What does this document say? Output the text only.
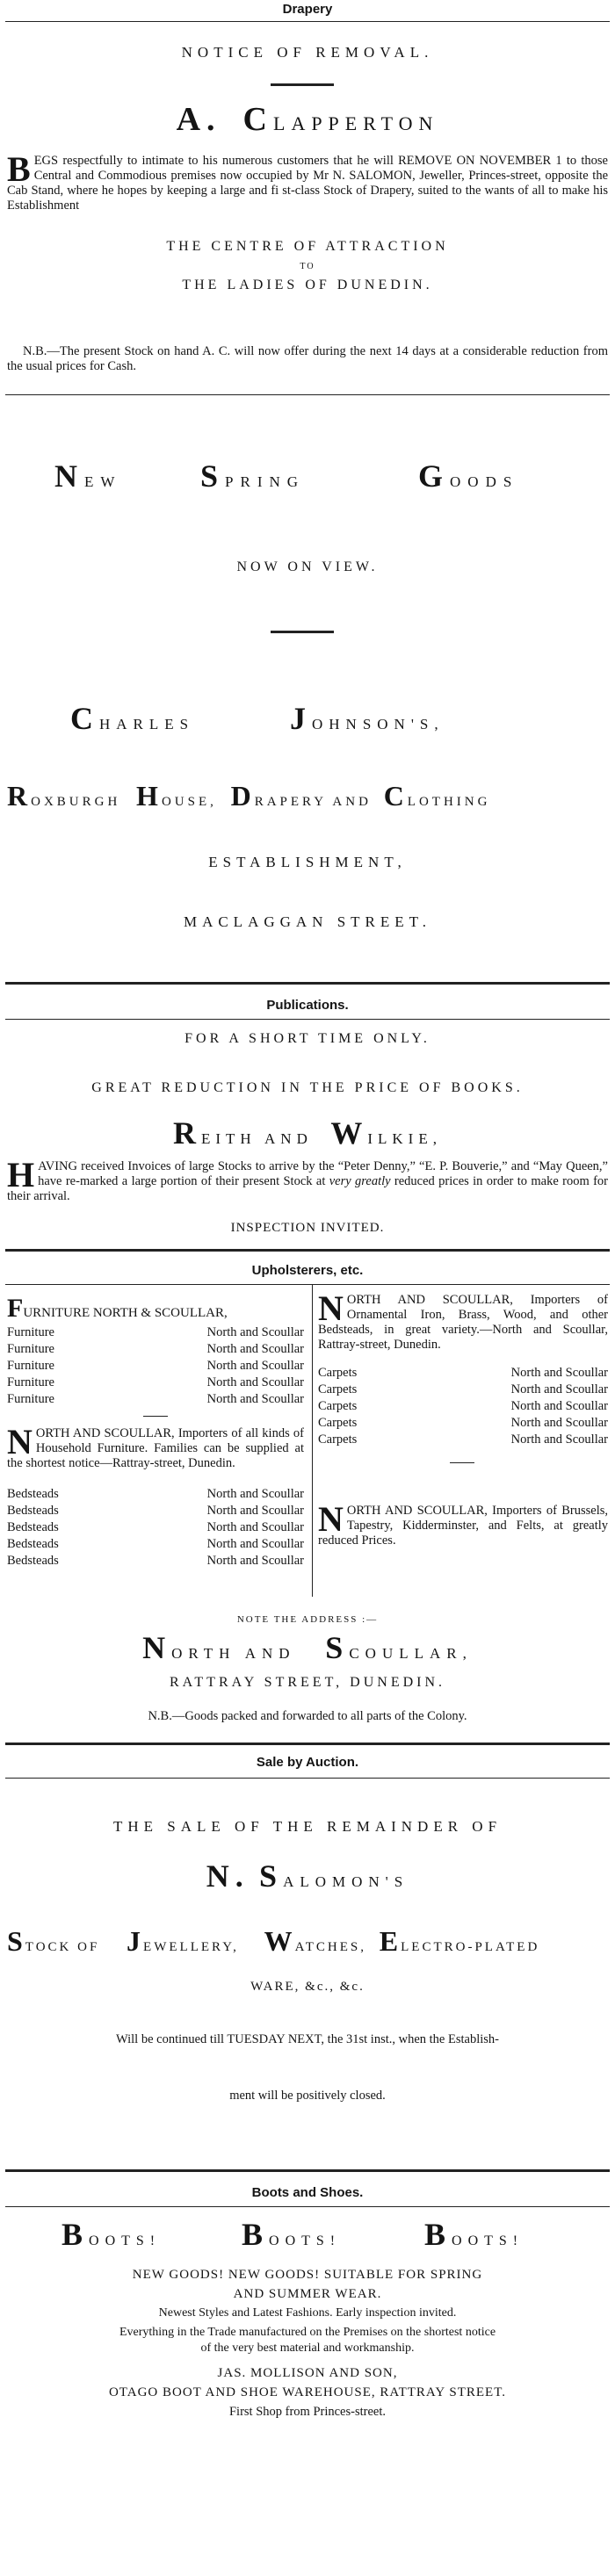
Drapery
NOTICE OF REMOVAL.
A. CLAPPERTON
BEGS respectfully to intimate to his numerous customers that he will REMOVE ON NOVEMBER 1 to those Central and Commodious premises now occupied by Mr N. SALOMON, Jeweller, Princes-street, opposite the Cab Stand, where he hopes by keeping a large and fi st-class Stock of Drapery, suited to the wants of all to make his Establishment
THE CENTRE OF ATTRACTION
TO
THE LADIES OF DUNEDIN.
N.B.—The present Stock on hand A. C. will now offer during the next 14 days at a considerable reduction from the usual prices for Cash.
NEW SPRING	GOODS
NOW ON VIEW.
CHARLES	JOHNSON'S,
ROXBURGH HOUSE, DRAPERY AND CLOTHING
ESTABLISHMENT,
MACLAGGAN STREET.
Publications.
FOR A SHORT TIME ONLY.
GREAT REDUCTION IN THE PRICE OF BOOKS.
REITH AND WILKIE,
HAVING received Invoices of large Stocks to arrive by the “Peter Denny,” “E. P. Bouverie,” and “May Queen,” have re-marked a large portion of their present Stock at very greatly reduced prices in order to make room for their arrival.
INSPECTION INVITED.
Upholsterers, etc.
FURNITURE NORTH & SCOULLAR,
Furniture	North and Scoullar
Furniture	North and Scoullar
Furniture	North and Scoullar
Furniture	North and Scoullar
Furniture	North and Scoullar
NORTH AND SCOULLAR, Importers of all kinds of Household Furniture. Families can be supplied at the shortest notice—Rattray-street, Dunedin.
Bedsteads	North and Scoullar
Bedsteads	North and Scoullar
Bedsteads	North and Scoullar
Bedsteads	North and Scoullar
Bedsteads	North and Scoullar
NORTH AND SCOULLAR, Importers of Ornamental Iron, Brass, Wood, and other Bedsteads, in great variety.—North and Scoullar, Rattray-street, Dunedin.
Carpets	North and Scoullar
Carpets	North and Scoullar
Carpets	North and Scoullar
Carpets	North and Scoullar
Carpets	North and Scoullar
NORTH AND SCOULLAR, Importers of Brussels, Tapestry, Kidderminster, and Felts, at greatly reduced Prices.
NOTE THE ADDRESS :—
NORTH AND SCOULLAR,
RATTRAY STREET, DUNEDIN.
N.B.—Goods packed and forwarded to all parts of the Colony.
Sale by Auction.
THE SALE OF THE REMAINDER OF
N. SALOMON'S
STOCK OF JEWELLERY, WATCHES, ELECTRO-PLATED
WARE, &c., &c.
Will be continued till TUESDAY NEXT, the 31st inst., when the Establish-
ment will be positively closed.
Boots and Shoes.
BOOTS!	BOOTS!	BOOTS!
NEW GOODS! NEW GOODS! SUITABLE FOR SPRING
AND SUMMER WEAR.
Newest Styles and Latest Fashions. Early inspection invited.
Everything in the Trade manufactured on the Premises on the shortest notice
of the very best material and workmanship.
JAS. MOLLISON AND SON,
OTAGO BOOT AND SHOE WAREHOUSE, RATTRAY STREET.
First Shop from Princes-street.
